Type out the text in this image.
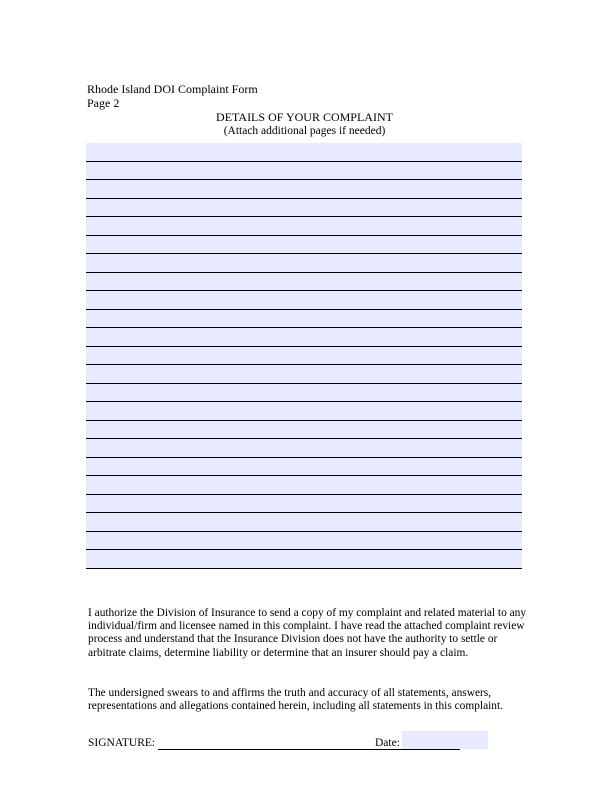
Rhode Island DOI Complaint Form
Page 2
DETAILS OF YOUR COMPLAINT
(Attach additional pages if needed)
I authorize the Division of Insurance to send a copy of my complaint and related material to any individual/firm and licensee named in this complaint. I have read the attached complaint review process and understand that the Insurance Division does not have the authority to settle or arbitrate claims, determine liability or determine that an insurer should pay a claim.
The undersigned swears to and affirms the truth and accuracy of all statements, answers, representations and allegations contained herein, including all statements in this complaint.
SIGNATURE:	Date:
